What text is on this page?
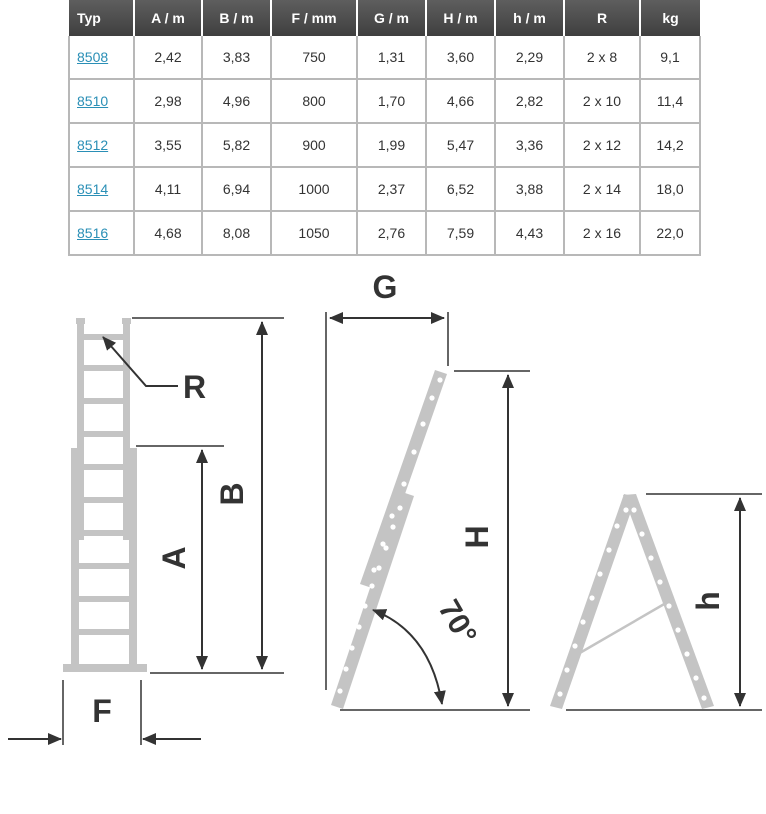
Typ	A / m	B / m	F / mm	G / m	H / m	h / m	R	kg
8508	2,42	3,83	750	1,31	3,60	2,29	2 x 8	9,1
8510	2,98	4,96	800	1,70	4,66	2,82	2 x 10	11,4
8512	3,55	5,82	900	1,99	5,47	3,36	2 x 12	14,2
8514	4,11	6,94	1000	2,37	6,52	3,88	2 x 14	18,0
8516	4,68	8,08	1050	2,76	7,59	4,43	2 x 16	22,0
R
B
A
F
G
H
70°	h
